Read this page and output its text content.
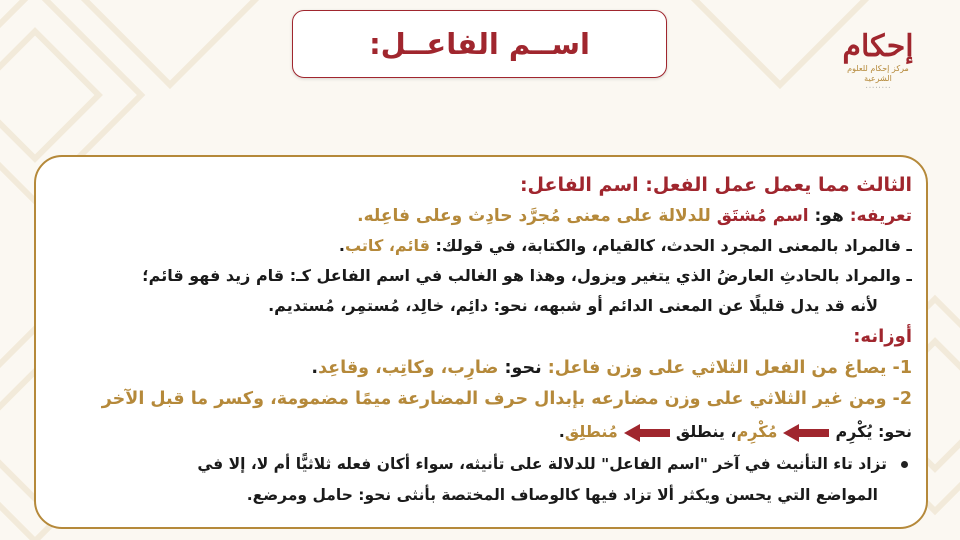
اســم الفاعــل:	إحكام
مركز إحكام للعلوم الشرعية
٠٠٠٠٠٠٠٠
الثالث مما يعمل عمل الفعل: اسم الفاعل:
تعريفه: هو: اسم مُشتَق للدلالة على معنى مُجرَّد حادِث وعلى فاعِله.
ـ فالمراد بالمعنى المجرد الحدث، كالقيام، والكتابة، في قولك: قائم، كاتب.
ـ والمراد بالحادثِ العارضُ الذي يتغير ويزول، وهذا هو الغالب في اسم الفاعل كـ: قام زيد فهو قائم؛
لأنه قد يدل قليلًا عن المعنى الدائم أو شبهه، نحو: دائِم، خالِد، مُستمِر، مُستديم.
أوزانه:
1- يصاغ من الفعل الثلاثي على وزن فاعل: نحو: ضارِب، وكاتِب، وقاعِد.
2- ومن غير الثلاثي على وزن مضارعه بإبدال حرف المضارعة ميمًا مضمومة، وكسر ما قبل الآخر
نحو: يُكْرِممُكْرِم، ينطلقمُنطلِق.
تزاد تاء التأنيث في آخر "اسم الفاعل" للدلالة على تأنيثه، سواء أكان فعله ثلاثيًّا أم لا، إلا في
المواضع التي يحسن ويكثر ألا تزاد فيها كالوصاف المختصة بأنثى نحو: حامل ومرضع.
